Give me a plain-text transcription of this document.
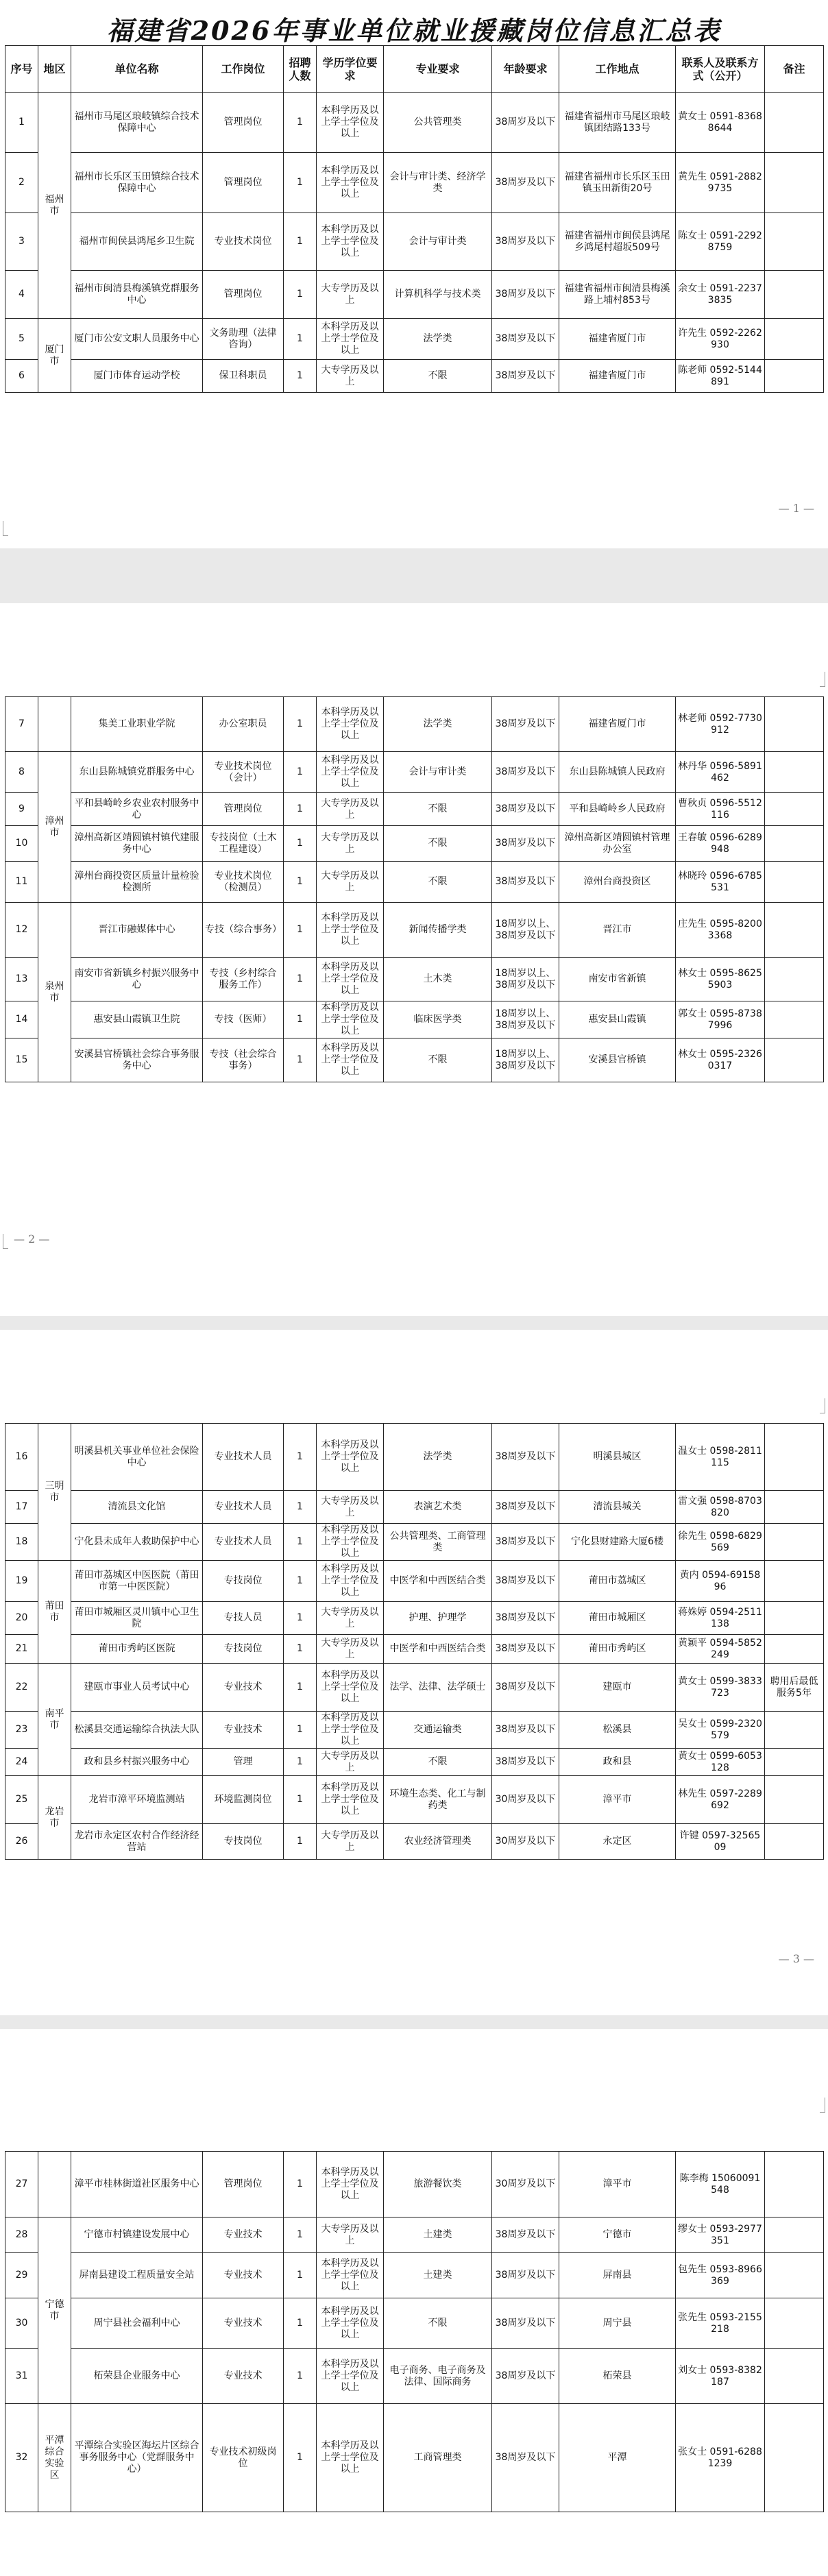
福建省2026年事业单位就业援藏岗位信息汇总表
序号	地区	单位名称	工作岗位	招聘人数	学历学位要求	专业要求	年龄要求	工作地点	联系人及联系方式（公开）	备注
1	福州市	福州市马尾区琅岐镇综合技术保障中心	管理岗位	1	本科学历及以上学士学位及以上	公共管理类	38周岁及以下	福建省福州市马尾区琅岐镇团结路133号	黄女士 0591-83688644	
2		福州市长乐区玉田镇综合技术保障中心	管理岗位	1	本科学历及以上学士学位及以上	会计与审计类、经济学类	38周岁及以下	福建省福州市长乐区玉田镇玉田新街20号	黄先生 0591-28829735	
3		福州市闽侯县鸿尾乡卫生院	专业技术岗位	1	本科学历及以上学士学位及以上	会计与审计类	38周岁及以下	福建省福州市闽侯县鸿尾乡鸿尾村超坂509号	陈女士 0591-22928759	
4		福州市闽清县梅溪镇党群服务中心	管理岗位	1	大专学历及以上	计算机科学与技术类	38周岁及以下	福建省福州市闽清县梅溪路上埔村853号	余女士 0591-22373835	
5	厦门市	厦门市公安文职人员服务中心	文务助理（法律咨询）	1	本科学历及以上学士学位及以上	法学类	38周岁及以下	福建省厦门市	许先生 0592-2262930	
6		厦门市体育运动学校	保卫科职员	1	大专学历及以上	不限	38周岁及以下	福建省厦门市	陈老师 0592-5144891	
— 1 —
7		集美工业职业学院	办公室职员	1	本科学历及以上学士学位及以上	法学类	38周岁及以下	福建省厦门市	林老师 0592-7730912	
8	漳州市	东山县陈城镇党群服务中心	专业技术岗位（会计）	1	本科学历及以上学士学位及以上	会计与审计类	38周岁及以下	东山县陈城镇人民政府	林丹华 0596-5891462	
9		平和县崎岭乡农业农村服务中心	管理岗位	1	大专学历及以上	不限	38周岁及以下	平和县崎岭乡人民政府	曹秋贞 0596-5512116	
10		漳州高新区靖圆镇村镇代建服务中心	专技岗位（土木工程建设）	1	大专学历及以上	不限	38周岁及以下	漳州高新区靖圆镇村管理办公室	王春敏 0596-6289948	
11		漳州台商投资区质量计量检验检测所	专业技术岗位（检测员）	1	大专学历及以上	不限	38周岁及以下	漳州台商投资区	林晓玲 0596-6785531	
12	泉州市	晋江市融媒体中心	专技（综合事务）	1	本科学历及以上学士学位及以上	新闻传播学类	18周岁以上、38周岁及以下	晋江市	庄先生 0595-82003368	
13		南安市省新镇乡村振兴服务中心	专技（乡村综合服务工作）	1	本科学历及以上学士学位及以上	土木类	18周岁以上、38周岁及以下	南安市省新镇	林女士 0595-86255903	
14		惠安县山霞镇卫生院	专技（医师）	1	本科学历及以上学士学位及以上	临床医学类	18周岁以上、38周岁及以下	惠安县山霞镇	郭女士 0595-87387996	
15		安溪县官桥镇社会综合事务服务中心	专技（社会综合事务）	1	本科学历及以上学士学位及以上	不限	18周岁以上、38周岁及以下	安溪县官桥镇	林女士 0595-23260317	
— 2 —
16	三明市	明溪县机关事业单位社会保险中心	专业技术人员	1	本科学历及以上学士学位及以上	法学类	38周岁及以下	明溪县城区	温女士 0598-2811115	
17		清流县文化馆	专业技术人员	1	大专学历及以上	表演艺术类	38周岁及以下	清流县城关	雷文强 0598-8703820	
18		宁化县未成年人救助保护中心	专业技术人员	1	本科学历及以上学士学位及以上	公共管理类、工商管理类	38周岁及以下	宁化县财建路大厦6楼	徐先生 0598-6829569	
19	莆田市	莆田市荔城区中医医院（莆田市第一中医医院）	专技岗位	1	本科学历及以上学士学位及以上	中医学和中西医结合类	38周岁及以下	莆田市荔城区	黄内 0594-6915896	
20		莆田市城厢区灵川镇中心卫生院	专技人员	1	大专学历及以上	护理、护理学	38周岁及以下	莆田市城厢区	蒋姝婷 0594-2511138	
21		莆田市秀屿区医院	专技岗位	1	大专学历及以上	中医学和中西医结合类	38周岁及以下	莆田市秀屿区	黄颖平 0594-5852249	
22	南平市	建瓯市事业人员考试中心	专业技术	1	本科学历及以上学士学位及以上	法学、法律、法学硕士	38周岁及以下	建瓯市	黄女士 0599-3833723	聘用后最低服务5年
23		松溪县交通运输综合执法大队	专业技术	1	本科学历及以上学士学位及以上	交通运输类	38周岁及以下	松溪县	吴女士 0599-2320579	
24		政和县乡村振兴服务中心	管理	1	大专学历及以上	不限	38周岁及以下	政和县	黄女士 0599-6053128	
25	龙岩市	龙岩市漳平环境监测站	环境监测岗位	1	本科学历及以上学士学位及以上	环境生态类、化工与制药类	30周岁及以下	漳平市	林先生 0597-2289692	
26		龙岩市永定区农村合作经济经营站	专技岗位	1	大专学历及以上	农业经济管理类	30周岁及以下	永定区	许键 0597-3256509	
— 3 —
27		漳平市桂林街道社区服务中心	管理岗位	1	本科学历及以上学士学位及以上	旅游餐饮类	30周岁及以下	漳平市	陈李梅 15060091548	
28	宁德市	宁德市村镇建设发展中心	专业技术	1	大专学历及以上	土建类	38周岁及以下	宁德市	缪女士 0593-2977351	
29		屏南县建设工程质量安全站	专业技术	1	本科学历及以上学士学位及以上	土建类	38周岁及以下	屏南县	包先生 0593-8966369	
30		周宁县社会福利中心	专业技术	1	本科学历及以上学士学位及以上	不限	38周岁及以下	周宁县	张先生 0593-2155218	
31		柘荣县企业服务中心	专业技术	1	本科学历及以上学士学位及以上	电子商务、电子商务及法律、国际商务	38周岁及以下	柘荣县	刘女士 0593-8382187	
32	平潭综合实验区	平潭综合实验区海坛片区综合事务服务中心（党群服务中心）	专业技术初级岗位	1	本科学历及以上学士学位及以上	工商管理类	38周岁及以下	平潭	张女士 0591-62881239	
